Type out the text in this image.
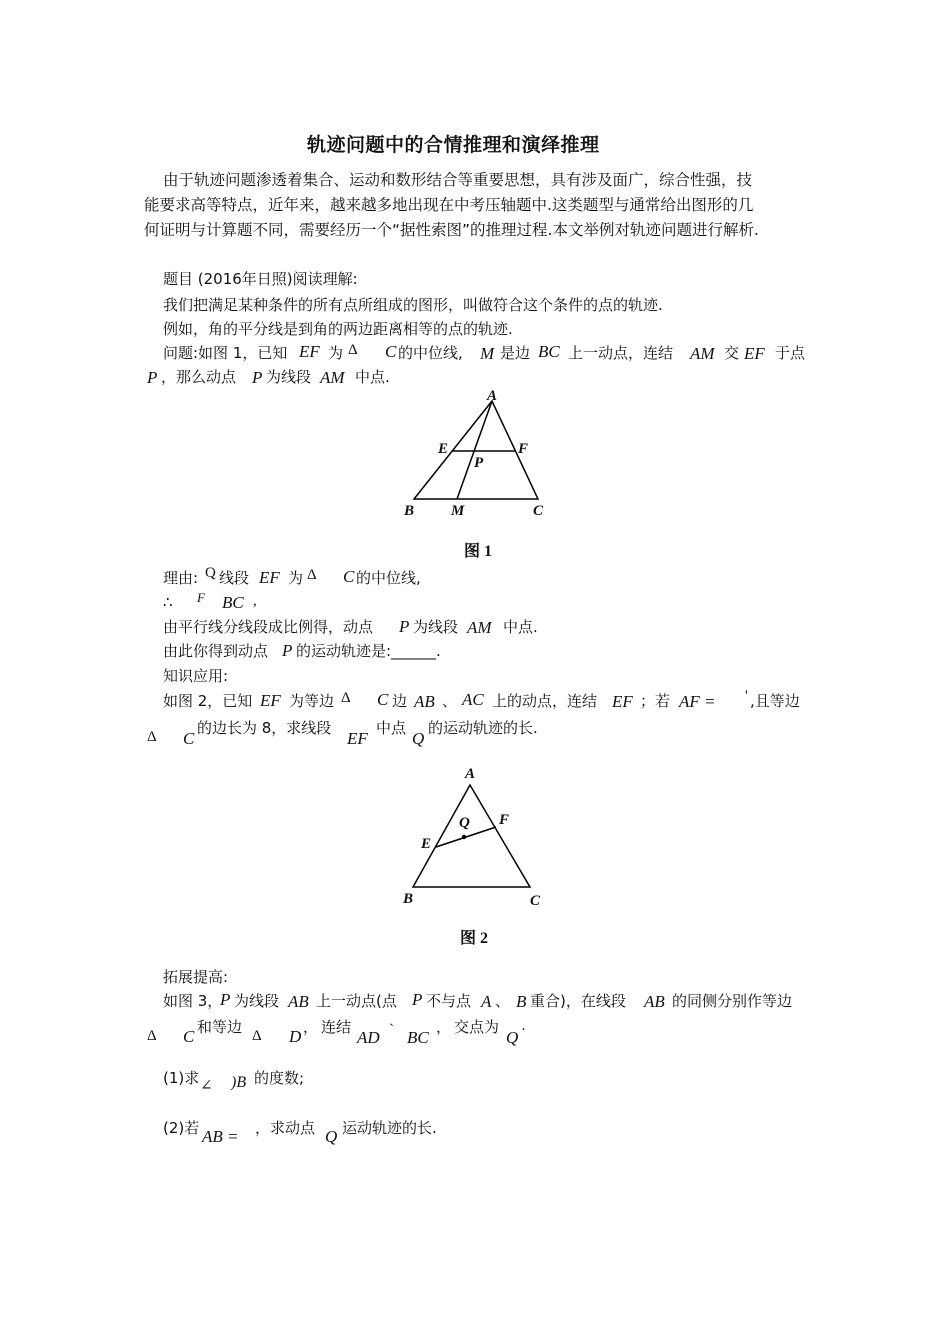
轨迹问题中的合情推理和演绎推理
由于轨迹问题渗透着集合、运动和数形结合等重要思想，具有涉及面广，综合性强，技
能要求高等特点，近年来，越来越多地出现在中考压轴题中.这类题型与通常给出图形的几
何证明与计算题不同，需要经历一个“据性索图”的推理过程.本文举例对轨迹问题进行解析.
题目 (2016年日照)阅读理解:
我们把满足某种条件的所有点所组成的图形，叫做符合这个条件的点的轨迹.
例如，角的平分线是到角的两边距离相等的点的轨迹.
问题:如图 1，已知 EF 为 Δ C 的中位线, M 是边 BC 上一动点，连结 AM 交 EF 于点
P ，那么动点 P 为线段 AM 中点.
A
E	F
P
B M	C
图 1
理由: Q 线段 EF 为 Δ C 的中位线,
∴ F BC ,
由平行线分线段成比例得，动点 P 为线段 AM 中点.
由此你得到动点 P 的运动轨迹是:______.
知识应用:
如图 2，已知 EF 为等边 Δ C 边 AB 、 AC 上的动点，连结 EF ；若 AF = ' ,且等边
Δ C
的边长为 8，求线段
EF
中点
Q
的运动轨迹的长.
A
Q F
E
B	C
图 2
拓展提高:
如图 3，
P 为线段 AB 上一动点(点 P 不与点 A 、 B 重合)，在线段 AB 的同侧分别作等边
Δ C 和等边 Δ D ， 连结
AD ` BC
， 交点为
Q ·
(1)求 ∠ )B 的度数;
(2)若 AB = ，求动点 Q 运动轨迹的长.
